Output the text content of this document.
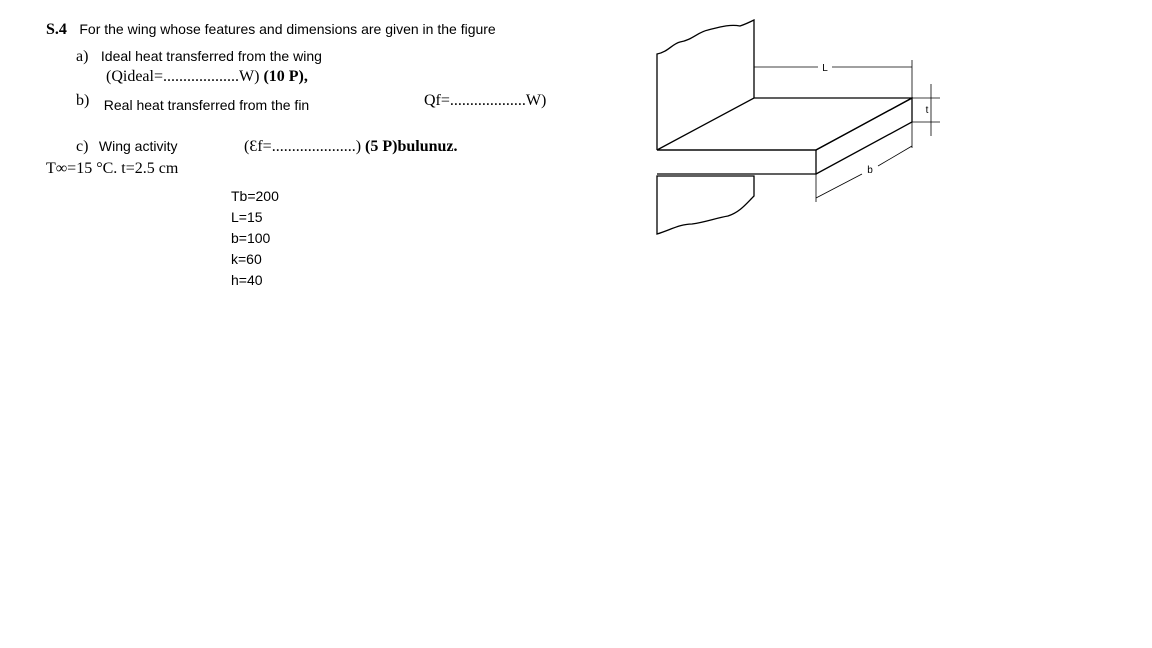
S.4 For the wing whose features and dimensions are given in the figure
a) Ideal heat transferred from the wing
(Qideal=...................W) (10 P),
b) Real heat transferred from the fin	Qf=...................W)
c) Wing activity	(Ɛf=.....................) (5 P)bulunuz.
T∞=15 °C. t=2.5 cm
Tb=200
L=15
b=100
k=60
h=40
L
t
b
